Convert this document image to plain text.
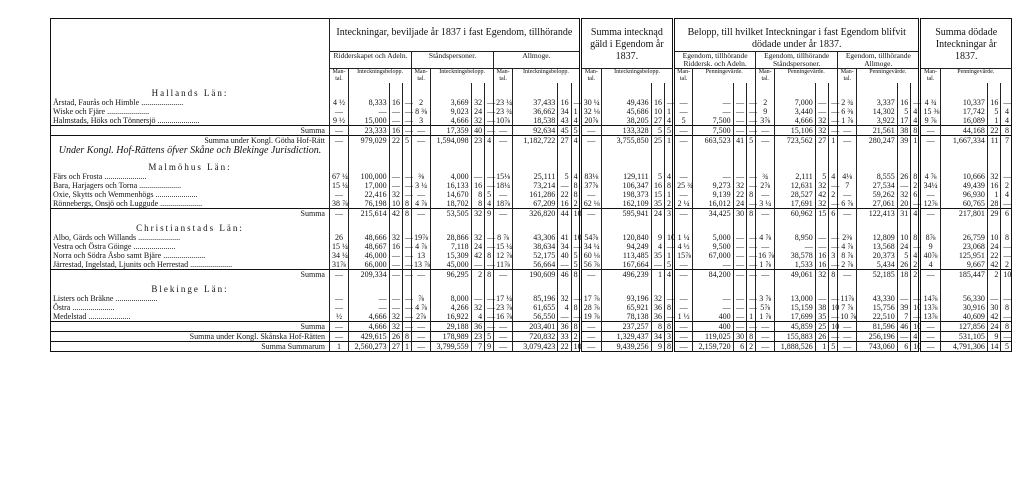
	Inteckningar, beviljade år 1837 i fast Egendom, tillhörande												Summa intecknąd gäld i Egendom år 1837.				Belopp, till hvilket Inteckningar i fast Egendom blifvit dödade under år 1837.												Summa dödade Inteckningar år 1837.			
	Ridderskapet och Adeln.				Ståndspersoner.				Allmoge.								Egendom, tillhörande Riddersk. och Adeln.				Egendom, tillhörande Ståndspersoner.				Egendom, tillhörande Allmoge.							
	Man-tal.	Inteckningsbelopp.			Man-tal.	Inteckningsbelopp.			Man-tal.	Inteckningsbelopp.			Man-tal.	Inteckningsbelopp.			Man-tal.	Penningevärde.			Man-tal.	Penningevärde.			Man-tal.	Penningevärde.			Man-tal.	Penningevärde.		
Hallands Län:																																
Årstad, Faurås och Himble .....................	4 ½	8,333	16	—	2	3,669	32	—	23 ¼	37,433	16	—	30 ¼	49,436	16	—	—	—	—	—	2	7,000	—	—	2 ¾	3,337	16	—	4 ¾	10,337	16	—
Wiske och Fjäre .....................	—	—	—	—	8 ⅜	9,023	24	—	23 ¾	36,662	34	1	32 ⅛	45,686	10	1	—	—	—	—	9	3,440	—	—	6 ⅜	14,302	5	4	15 ⅜	17,742	5	4
Halmstads, Höks och Tönnersjö .....................	9 ½	15,000	—	—	3	4,666	32	—	10⅞	18,538	43	4	20⅞	38,205	27	4	5	7,500	—	—	3⅞	4,666	32	—	1 ⅞	3,922	17	4	9 ⅞	16,089	1	4
Summa	—	23,333	16	—	—	17,359	40	—	—	92,634	45	5	—	133,328	5	5	—	7,500	—	—	—	15,106	32	—	—	21,561	38	8	—	44,168	22	8
Summa under Kongl. Götha Hof-Rätt	—	979,029	22	5	—	1,594,098	23	4	—	1,182,722	27	4	—	3,755,850	25	1	—	663,523	41	5	—	723,562	27	1	—	280,247	39	1	—	1,667,334	11	7
Under Kongl. Hof-Rättens öfver Skåne och Blekinge Jurisdiction.																																
Malmöhus Län:																																
Färs och Frosta .....................	67 ¼	100,000	—	—	⅜	4,000	—	—	15⅛	25,111	5	4	83⅛	129,111	5	4	—	—	—	—	¾	2,111	5	4	4⅛	8,555	26	8	4 ⅞	10,666	32	—
Bara, Harjagers och Torna .....................	15 ¼	17,000	—	—	3 ¼	16,133	16	—	18¼	73,214	—	8	37⅞	106,347	16	8	25 ¾	9,273	32	—	2⅞	12,631	32	—	7	27,534	—	2	34¼	49,439	16	2
Oxie, Skytts och Wemmenhögs .....................	—	22,416	32	—	—	14,670	8	5	—	161,286	22	8	—	198,373	15	1	—	9,139	22	8	—	28,527	42	2	—	59,262	32	6	—	96,930	1	4
Rönnebergs, Onsjö och Luggude .....................	38 ⅞	76,198	10	8	4 ⅞	18,702	8	4	18⅞	67,209	16	2	62 ⅛	162,109	35	2	2 ¼	16,012	24	—	3 ¼	17,691	32	—	6 ⅞	27,061	20	—	12⅞	60,765	28	—
Summa	—	215,614	42	8	—	53,505	32	9	—	326,820	44	10	—	595,941	24	3	—	34,425	30	8	—	60,962	15	6	—	122,413	31	4	—	217,801	29	6
Christianstads Län:																																
Albo, Gärds och Willands .....................	26	48,666	32	—	19⅞	28,866	32	—	8 ⅞	43,306	41	10	54⅞	120,840	9	10	1 ¼	5,000	—	—	4 ⅞	8,950	—	—	2⅜	12,809	10	8	8⅞	26,759	10	8
Vestra och Östra Göinge .....................	15 ¼	48,667	16	—	4 ⅞	7,118	24	—	15 ¼	38,634	34	—	34 ¼	94,249	4	—	4 ½	9,500	—	—	—	—	—	—	4 ⅞	13,568	24	—	9	23,068	24	—
Norra och Södra Åsbo samt Bjäre .....................	34 ¼	46,000	—	—	13	15,309	42	8	12 ⅞	52,175	40	5	60 ⅛	113,485	35	1	15⅞	67,000	—	—	16 ⅞	38,578	16	3	8 ⅞	20,373	5	4	40⅞	125,951	22	—
Järrestad, Ingelstad, Ljunits och Herrestad .....................	31⅞	66,000	—	—	13 ⅞	45,000	—	—	11⅞	56,664	—	5	56 ⅞	167,664	—	5	—	—	—	—	1 ⅞	1,533	16	—	2 ⅞	5,434	26	2	4	9,667	42	2
Summa	—	209,334	—	—	—	96,295	2	8	—	190,609	46	8	—	496,239	1	4	—	84,200	—	—	—	49,061	32	8	—	52,185	18	2	—	185,447	2	10
Blekinge Län:																																
Listers och Bräkne .....................	—	—	—	—	⅞	8,000	—	—	17 ¼	85,196	32	—	17 ⅞	93,196	32	—	—	—	—	—	3 ⅞	13,000	—	—	11⅞	43,330	—	—	14⅞	56,330	—	—
Östra .....................	—	—	—	—	4 ⅞	4,266	32	—	23 ⅞	61,655	4	8	28 ⅞	65,921	36	8	—	—	—	—	5⅞	15,159	38	10	7 ⅞	15,756	39	10	13⅞	30,916	30	8
Medelstad .....................	½	4,666	32	—	2⅞	16,922	4	—	16 ⅞	56,550	—	—	19 ⅞	78,138	36	—	1 ½	400	—	1	1 ⅞	17,699	35	—	10 ⅞	22,510	7	—	13⅞	40,609	42	—
Summa	—	4,666	32	—	—	29,188	36	—	—	203,401	36	8	—	237,257	8	8	—	400	—	—	—	45,859	25	10	—	81,596	46	10	—	127,856	24	8
Summa under Kongl. Skånska Hof-Rätten	—	429,615	26	8	—	178,989	23	5	—	720,832	33	2	—	1,329,437	34	3	—	119,025	30	8	—	155,883	26	—	—	256,196	—	4	—	531,105	9	—
Summa Summarum	1	2,560,273	27	1	—	3,799,559	7	9	—	3,079,423	22	10	—	9,439,256	9	8	—	2,159,720	6	2	—	1,888,526	1	5	—	743,060	6	10	—	4,791,306	14	5
